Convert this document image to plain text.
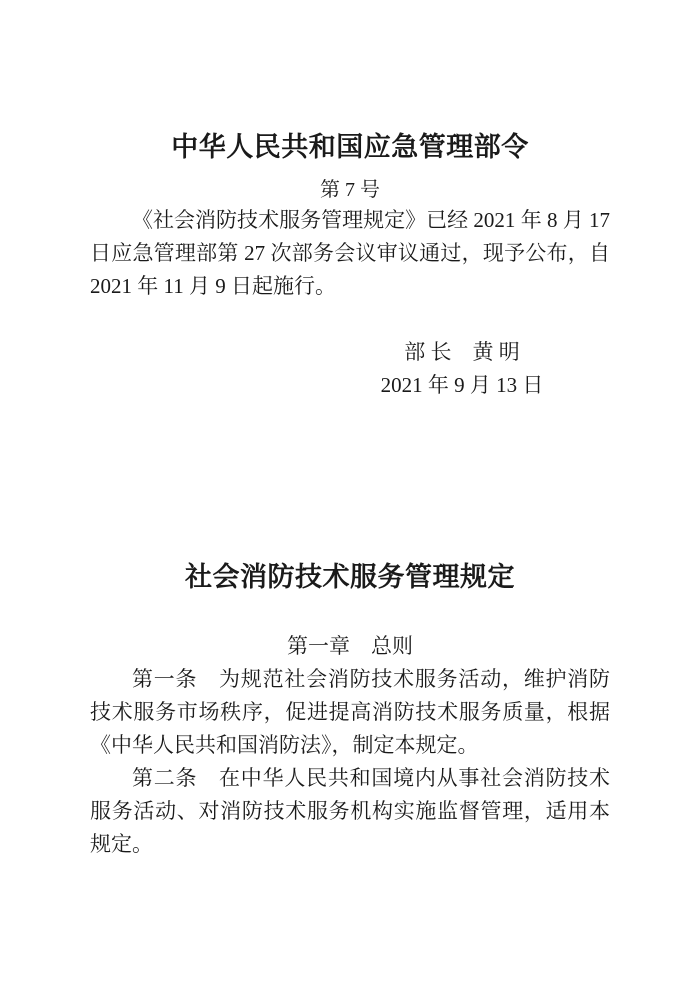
中华人民共和国应急管理部令
第 7 号

《社会消防技术服务管理规定》已经 2021 年 8 月 17 日应急管理部第 27 次部务会议审议通过，现予公布，自 2021 年 11 月 9 日起施行。

部 长　黄 明
2021 年 9 月 13 日
社会消防技术服务管理规定
第一章　总则

第一条　为规范社会消防技术服务活动，维护消防技术服务市场秩序，促进提高消防技术服务质量，根据《中华人民共和国消防法》，制定本规定。

第二条　在中华人民共和国境内从事社会消防技术服务活动、对消防技术服务机构实施监督管理，适用本规定。
